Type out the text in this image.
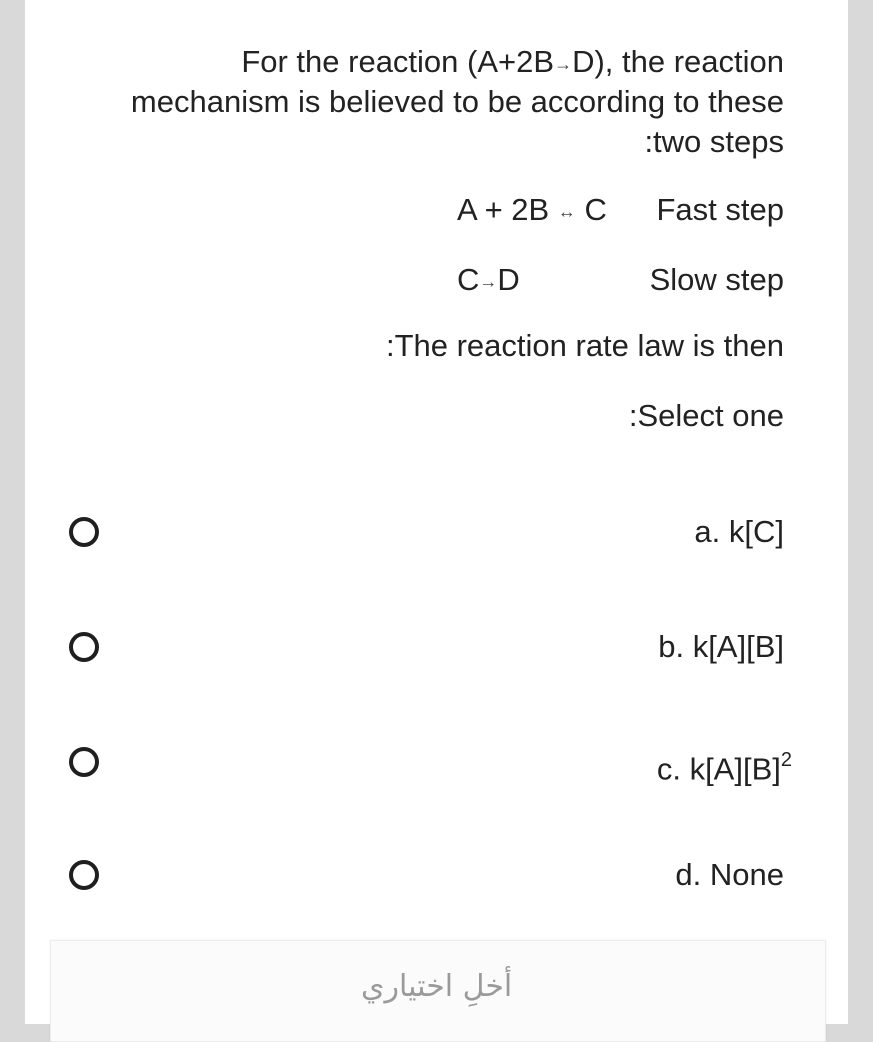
For the reaction (A+2B→D), the reaction
mechanism is believed to be according to these
:two steps
A + 2B ↔ C Fast step
C→D	Slow step
:The reaction rate law is then
:Select one
a. k[C]
b. k[A][B]
c. $k[A][B]^2$
d. None
أخلِ اختياري
